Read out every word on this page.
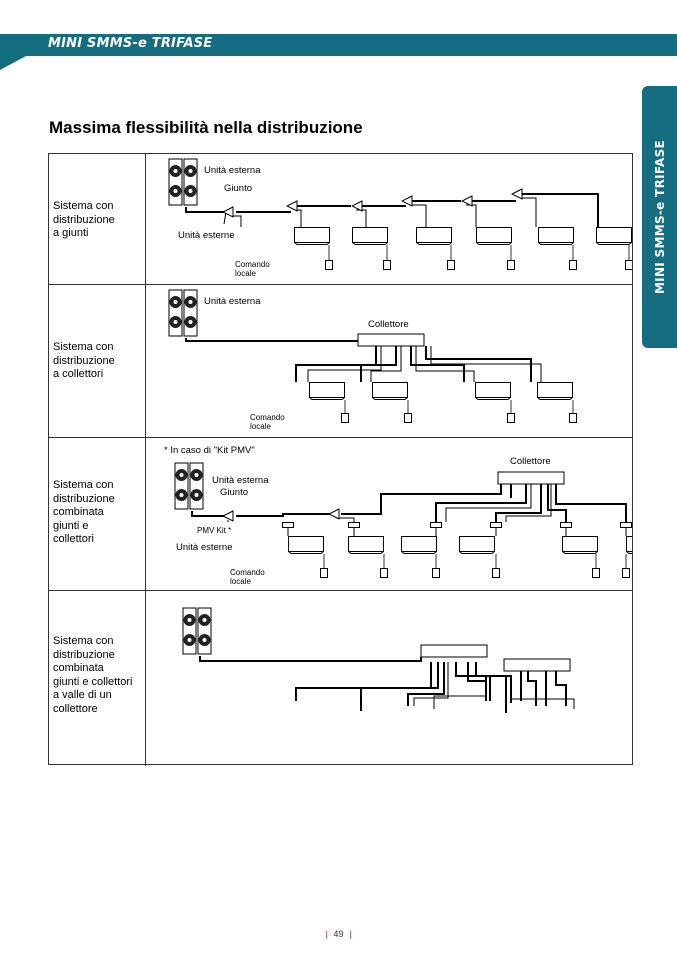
MINI SMMS-e TRIFASE
MINI SMMS-e TRIFASE
Massima flessibilità nella distribuzione
Sistema con
distribuzione
a giunti
Unità esterna
Giunto
Unità esterne
Comando
locale
Sistema con
distribuzione
a collettori
Unità esterna
Collettore
Comando
locale
Sistema con
distribuzione
combinata
giunti e
collettori
* In caso di "Kit PMV"
Unità esterna
Giunto
Collettore
PMV Kit *
Unità esterne
Comando
locale
Sistema con
distribuzione
combinata
giunti e collettori
a valle di un
collettore
| 49 |
